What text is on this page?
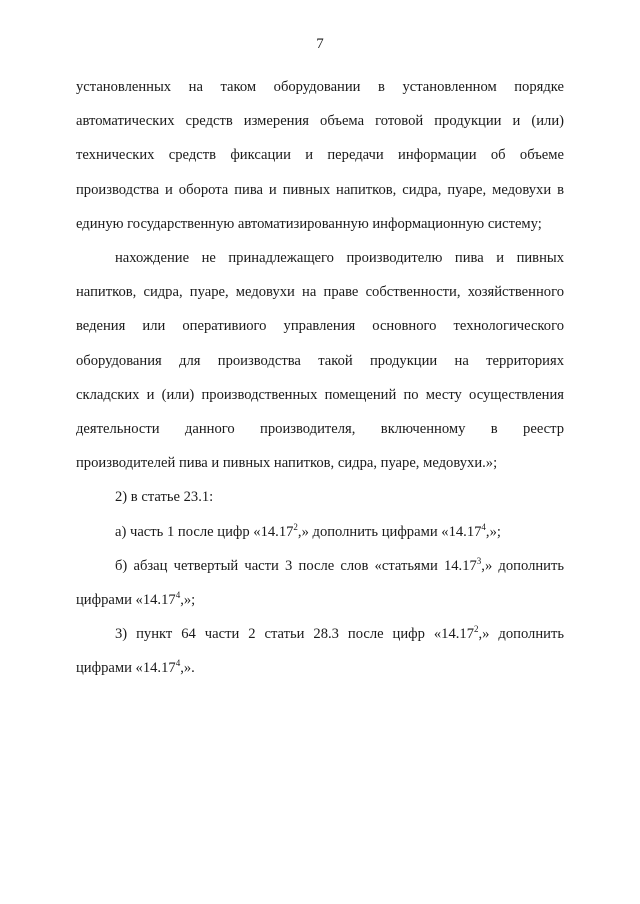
7

установленных на таком оборудовании в установленном порядке

автоматических средств измерения объема готовой продукции и (или)

технических средств фиксации и передачи информации об объеме

производства и оборота пива и пивных напитков, сидра, пуаре, медовухи в

единую государственную автоматизированную информационную систему;

нахождение не принадлежащего производителю пива и пивных

напитков, сидра, пуаре, медовухи на праве собственности, хозяйственного

ведения или оперативиого управления основного технологического

оборудования для производства такой продукции на территориях

складских и (или) производственных помещений по месту осуществления

деятельности данного производителя, включенному в реестр

производителей пива и пивных напитков, сидра, пуаре, медовухи.»;

2) в статье 23.1:

а) часть 1 после цифр «14.17$^2$,» дополнить цифрами «14.17$^4$,»;

б) абзац четвертый части 3 после слов «статьями 14.17$^3$,» дополнить

цифрами «14.17$^4$,»;

3) пункт 64 части 2 статьи 28.3 после цифр «14.17$^2$,» дополнить

цифрами «14.17$^4$,».
